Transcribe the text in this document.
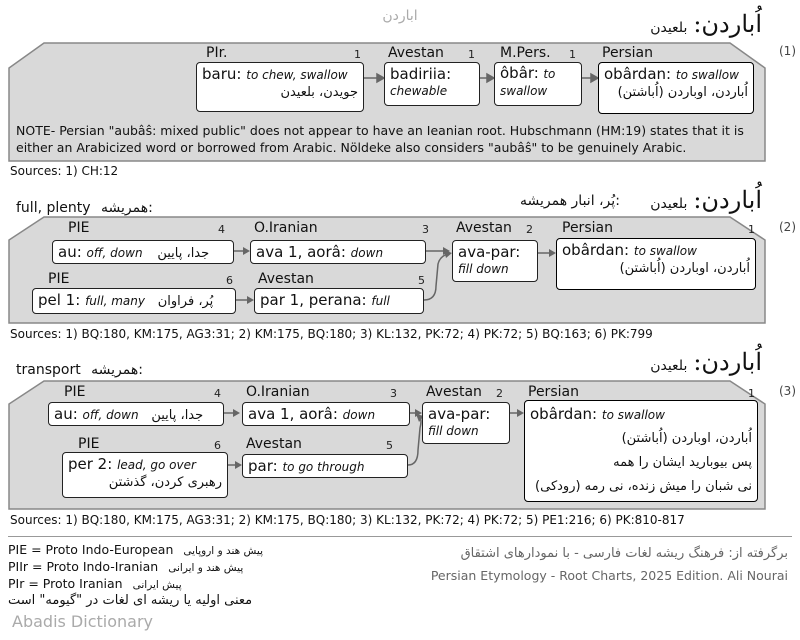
اباردن	اُباردن:بلعیدن
(1)
PIr.	1
baru: to chew, swallow
جویدن، بلعیدن
Avestan 1
badiriia:
chewable
M.Pers. 1
ôbâr: to swallow
Persian
obârdan: to swallow
اُباردن، اوباردن (اُباشتن)
NOTE- Persian "aubâŝ: mixed public" does not appear to have an Ieanian root. Hubschmann (HM:19) states that it is either an Arabicized word or borrowed from Arabic. Nöldeke also considers "aubâŝ" to be genuinely Arabic.
Sources: 1) CH:12
اُباردن:بلعیدن
پُر، انبار همریشه:
full, plenty همریشه:
(2)
PIE	4
au: off, down جدا، پایین
O.Iranian	3
ava 1, aorâ: down
PIE	6
pel 1: full, many پُر، فراوان
Avestan	5
par 1, perana: full
Avestan 2
ava-par:
fill down
Persian	1
obârdan: to swallow
اُباردن، اوباردن (اُباشتن)
Sources: 1) BQ:180, KM:175, AG3:31; 2) KM:175, BQ:180; 3) KL:132, PK:72; 4) PK:72; 5) BQ:163; 6) PK:799
اُباردن:بلعیدن
transport همریشه:
(3)
PIE	4
au: off, down جدا، پایین
O.Iranian	3
ava 1, aorâ: down
PIE	6
per 2: lead, go over
رهبری کردن، گذشتن
Avestan	5
par: to go through
Avestan 2
ava-par:
fill down
Persian	1
obârdan: to swallow
اُباردن، اوباردن (اُباشتن)
پس بیوباريد ایشان را همه
نی شبان را میش زنده، نی رمه (رودکی)
Sources: 1) BQ:180, KM:175, AG3:31; 2) KM:175, BQ:180; 3) KL:132, PK:72; 4) PK:72; 5) PE1:216; 6) PK:810-817
PIE = Proto Indo-European پیش هند و اروپایی
PIIr = Proto Indo-Iranian پیش هند و ایرانی
PIr = Proto Iranian پیش ایرانی
معنی اولیه یا ریشه ای لغات در "گیومه" است
برگرفته از: فرهنگ ریشه لغات فارسی - با نمودارهای اشتقاق
Persian Etymology - Root Charts, 2025 Edition. Ali Nourai
Abadis Dictionary
